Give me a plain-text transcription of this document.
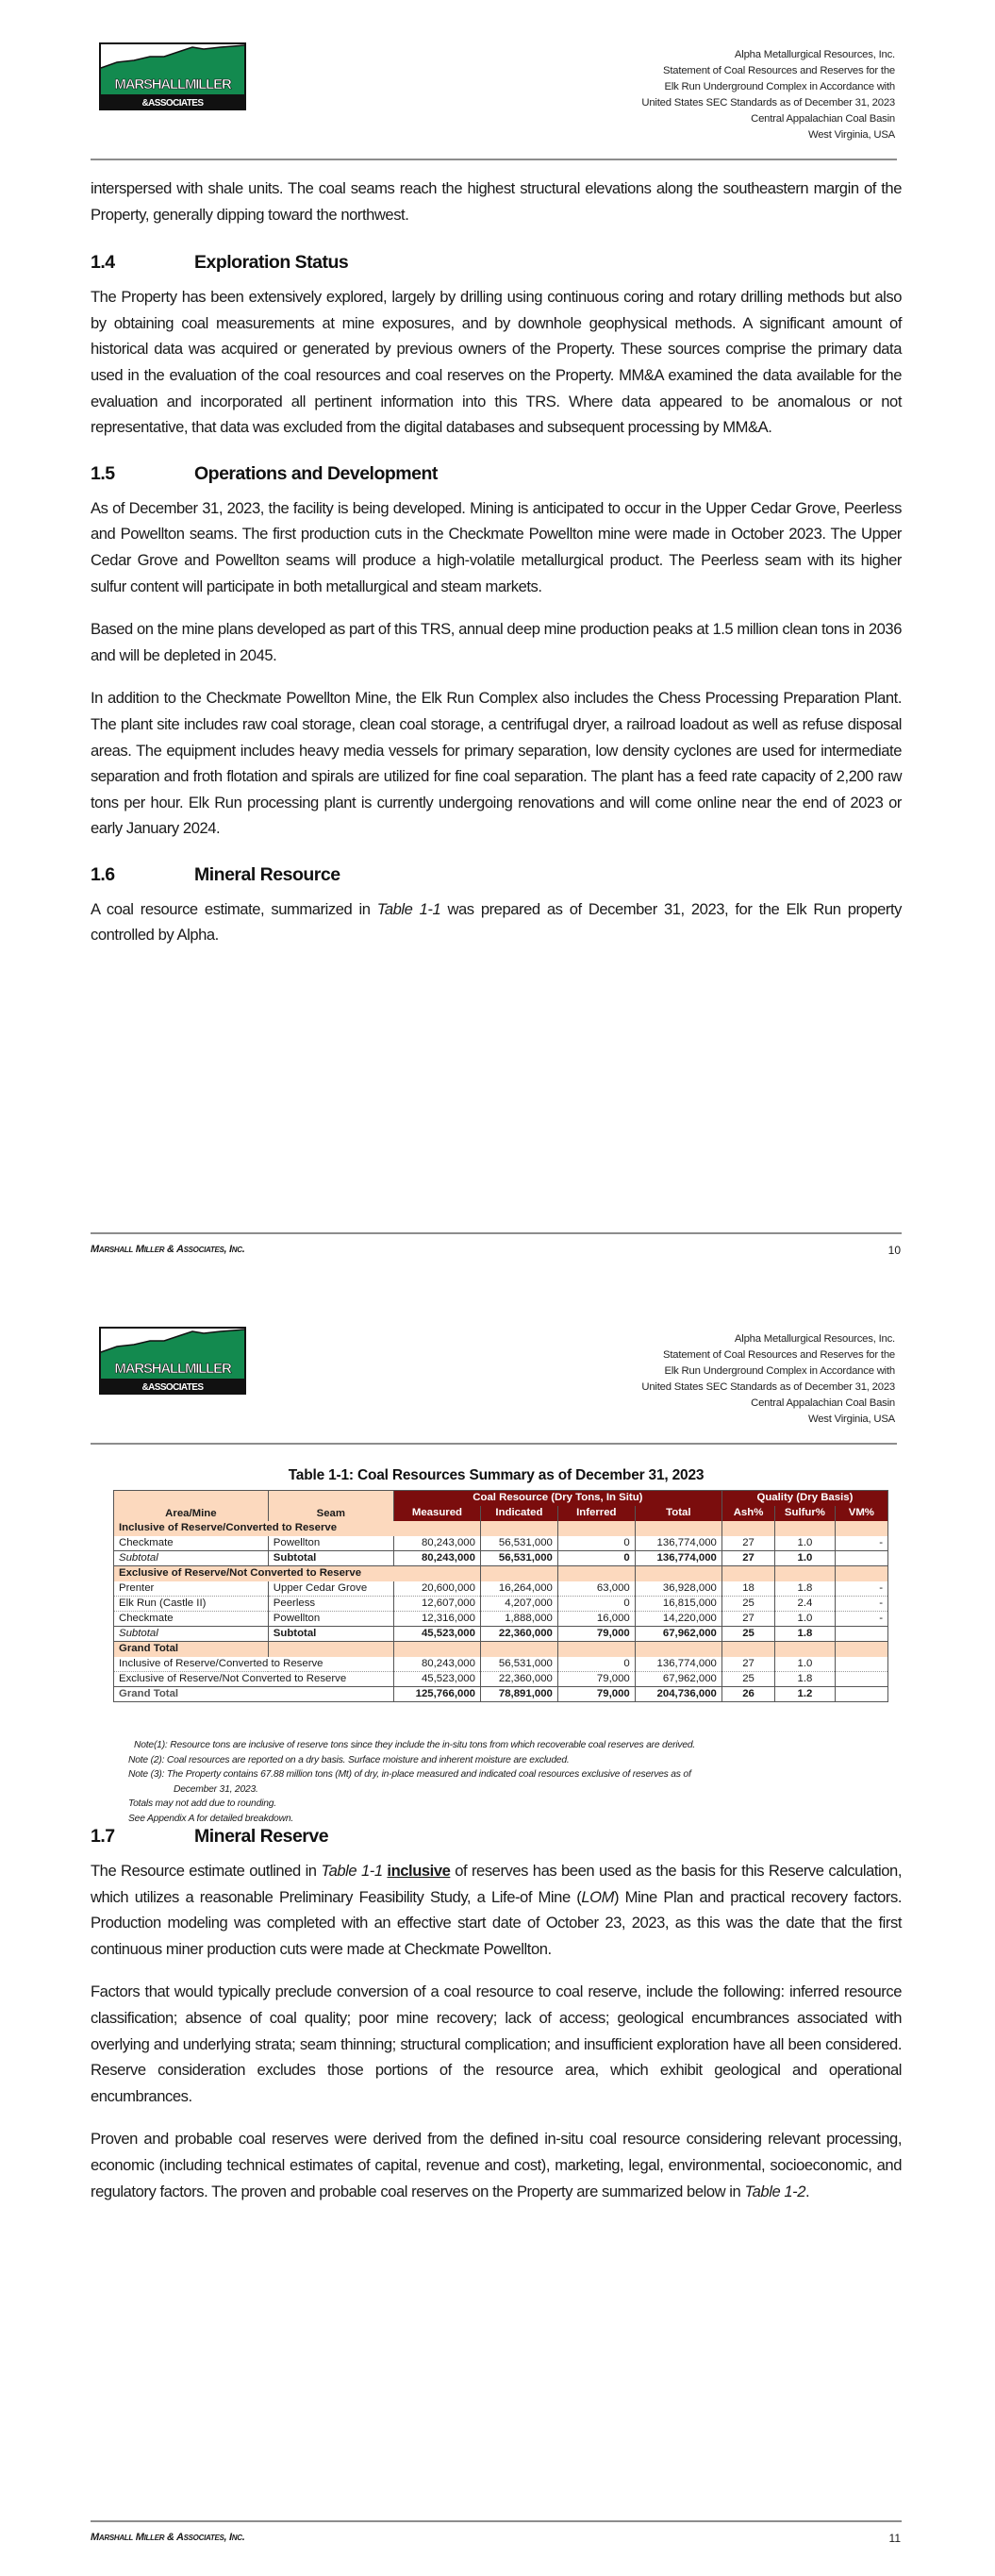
MARSHALLMILLER
&ASSOCIATES
Alpha Metallurgical Resources, Inc.
Statement of Coal Resources and Reserves for the
Elk Run Underground Complex in Accordance with
United States SEC Standards as of December 31, 2023
Central Appalachian Coal Basin
West Virginia, USA

interspersed with shale units. The coal seams reach the highest structural elevations along the southeastern margin of the Property, generally dipping toward the northwest.

1.4	Exploration Status

The Property has been extensively explored, largely by drilling using continuous coring and rotary drilling methods but also by obtaining coal measurements at mine exposures, and by downhole geophysical methods. A significant amount of historical data was acquired or generated by previous owners of the Property. These sources comprise the primary data used in the evaluation of the coal resources and coal reserves on the Property. MM&A examined the data available for the evaluation and incorporated all pertinent information into this TRS. Where data appeared to be anomalous or not representative, that data was excluded from the digital databases and subsequent processing by MM&A.

1.5	Operations and Development

As of December 31, 2023, the facility is being developed. Mining is anticipated to occur in the Upper Cedar Grove, Peerless and Powellton seams. The first production cuts in the Checkmate Powellton mine were made in October 2023. The Upper Cedar Grove and Powellton seams will produce a high-volatile metallurgical product. The Peerless seam with its higher sulfur content will participate in both metallurgical and steam markets.

Based on the mine plans developed as part of this TRS, annual deep mine production peaks at 1.5 million clean tons in 2036 and will be depleted in 2045.

In addition to the Checkmate Powellton Mine, the Elk Run Complex also includes the Chess Processing Preparation Plant. The plant site includes raw coal storage, clean coal storage, a centrifugal dryer, a railroad loadout as well as refuse disposal areas. The equipment includes heavy media vessels for primary separation, low density cyclones are used for intermediate separation and froth flotation and spirals are utilized for fine coal separation. The plant has a feed rate capacity of 2,200 raw tons per hour. Elk Run processing plant is currently undergoing renovations and will come online near the end of 2023 or early January 2024.

1.6	Mineral Resource

A coal resource estimate, summarized in Table 1-1 was prepared as of December 31, 2023, for the Elk Run property controlled by Alpha.

Marshall Miller & Associates, Inc.	10
MARSHALLMILLER
&ASSOCIATES
Alpha Metallurgical Resources, Inc.
Statement of Coal Resources and Reserves for the
Elk Run Underground Complex in Accordance with
United States SEC Standards as of December 31, 2023
Central Appalachian Coal Basin
West Virginia, USA
Table 1-1: Coal Resources Summary as of December 31, 2023
Area/Mine	Seam	Coal Resource (Dry Tons, In Situ)				Quality (Dry Basis)		
		Measured	Indicated	Inferred	Total	Ash%	Sulfur%	VM%
Inclusive of Reserve/Converted to Reserve								
Checkmate	Powellton	80,243,000	56,531,000	0	136,774,000	27	1.0	-
Subtotal	Subtotal	80,243,000	56,531,000	0	136,774,000	27	1.0	
Exclusive of Reserve/Not Converted to Reserve								
Prenter	Upper Cedar Grove	20,600,000	16,264,000	63,000	36,928,000	18	1.8	-
Elk Run (Castle II)	Peerless	12,607,000	4,207,000	0	16,815,000	25	2.4	-
Checkmate	Powellton	12,316,000	1,888,000	16,000	14,220,000	27	1.0	-
Subtotal	Subtotal	45,523,000	22,360,000	79,000	67,962,000	25	1.8	
Grand Total								
Inclusive of Reserve/Converted to Reserve		80,243,000	56,531,000	0	136,774,000	27	1.0	
Exclusive of Reserve/Not Converted to Reserve		45,523,000	22,360,000	79,000	67,962,000	25	1.8	
Grand Total		125,766,000	78,891,000	79,000	204,736,000	26	1.2	
Note(1): Resource tons are inclusive of reserve tons since they include the in-situ tons from which recoverable coal reserves are derived.
Note (2): Coal resources are reported on a dry basis. Surface moisture and inherent moisture are excluded.
Note (3): The Property contains 67.88 million tons (Mt) of dry, in-place measured and indicated coal resources exclusive of reserves as of
December 31, 2023.
Totals may not add due to rounding.
See Appendix A for detailed breakdown.
1.7	Mineral Reserve

The Resource estimate outlined in Table 1-1 inclusive of reserves has been used as the basis for this Reserve calculation, which utilizes a reasonable Preliminary Feasibility Study, a Life-of Mine (LOM) Mine Plan and practical recovery factors. Production modeling was completed with an effective start date of October 23, 2023, as this was the date that the first continuous miner production cuts were made at Checkmate Powellton.

Factors that would typically preclude conversion of a coal resource to coal reserve, include the following: inferred resource classification; absence of coal quality; poor mine recovery; lack of access; geological encumbrances associated with overlying and underlying strata; seam thinning; structural complication; and insufficient exploration have all been considered. Reserve consideration excludes those portions of the resource area, which exhibit geological and operational encumbrances.

Proven and probable coal reserves were derived from the defined in-situ coal resource considering relevant processing, economic (including technical estimates of capital, revenue and cost), marketing, legal, environmental, socioeconomic, and regulatory factors. The proven and probable coal reserves on the Property are summarized below in Table 1-2.

Marshall Miller & Associates, Inc.	11
